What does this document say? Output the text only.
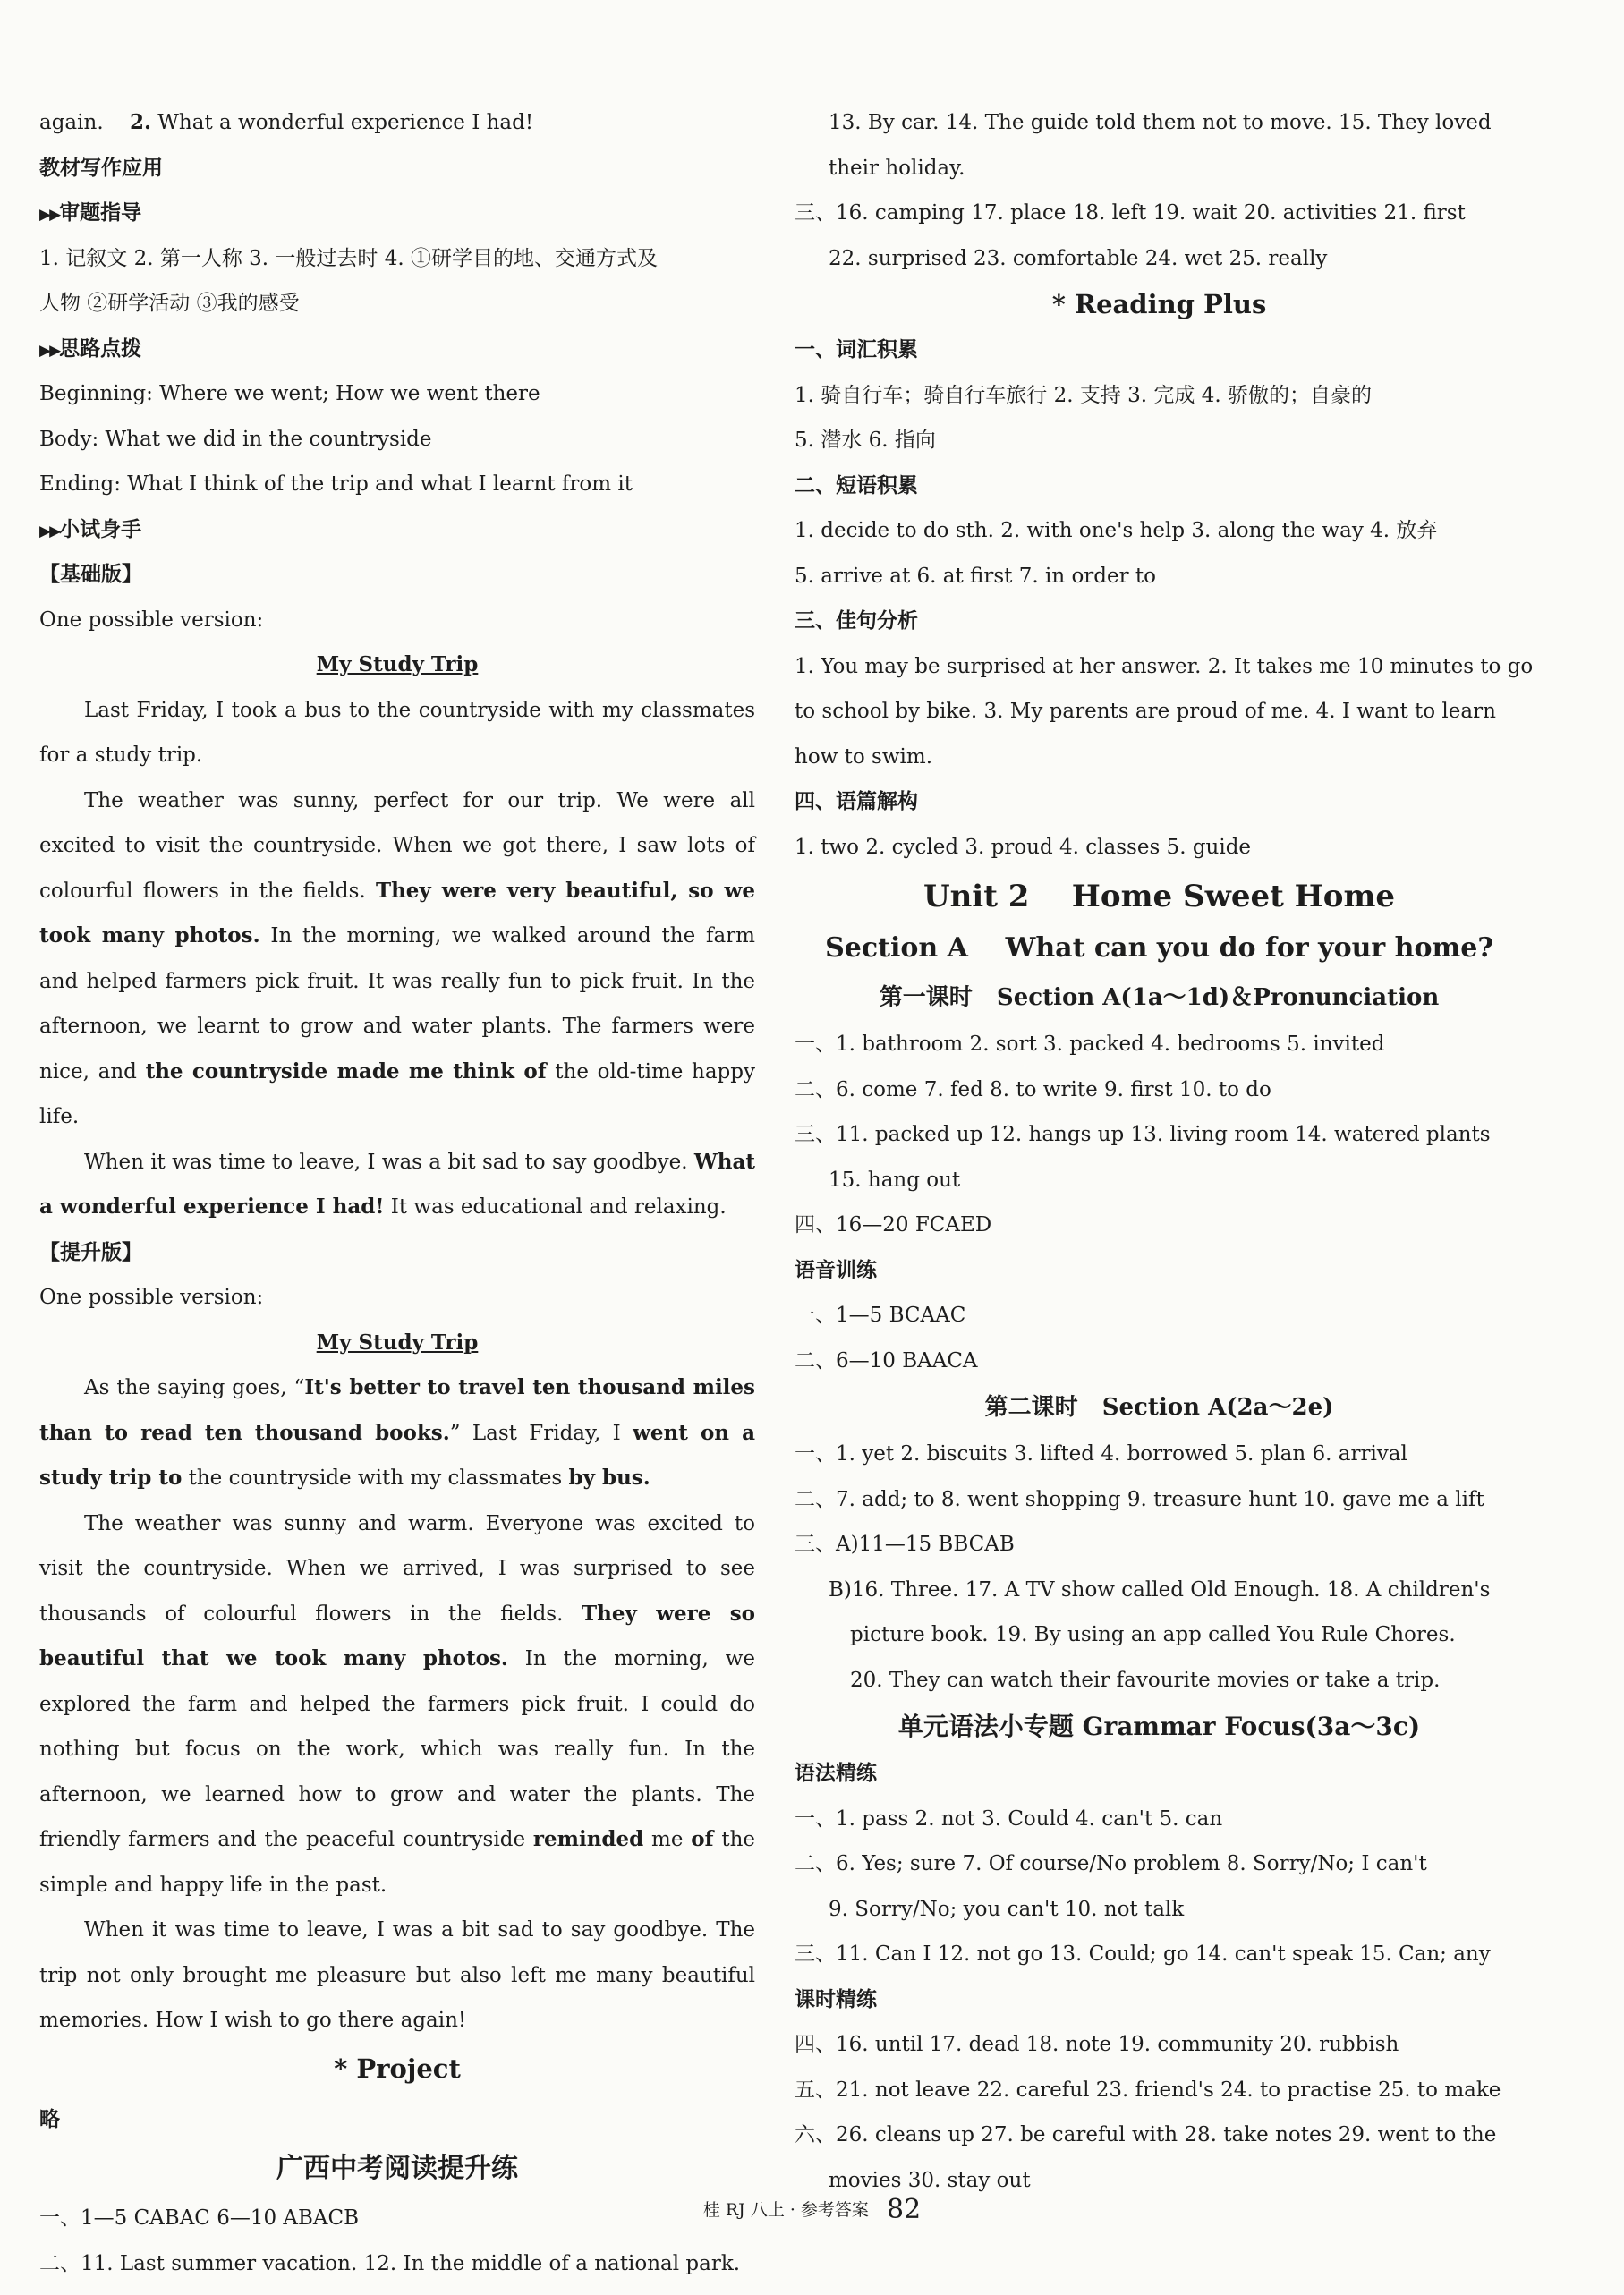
again. 2. What a wonderful experience I had!
教材写作应用
▶▶审题指导
1. 记叙文 2. 第一人称 3. 一般过去时 4. ①研学目的地、交通方式及
人物 ②研学活动 ③我的感受
▶▶思路点拨
Beginning: Where we went; How we went there
Body: What we did in the countryside
Ending: What I think of the trip and what I learnt from it
▶▶小试身手
【基础版】
One possible version:
My Study Trip
Last Friday, I took a bus to the countryside with my classmates for a study trip.
The weather was sunny, perfect for our trip. We were all excited to visit the countryside. When we got there, I saw lots of colourful flowers in the fields. They were very beautiful, so we took many photos. In the morning, we walked around the farm and helped farmers pick fruit. It was really fun to pick fruit. In the afternoon, we learnt to grow and water plants. The farmers were nice, and the countryside made me think of the old-time happy life.
When it was time to leave, I was a bit sad to say goodbye. What a wonderful experience I had! It was educational and relaxing.
【提升版】
One possible version:
My Study Trip
As the saying goes, “It's better to travel ten thousand miles than to read ten thousand books.” Last Friday, I went on a study trip to the countryside with my classmates by bus.
The weather was sunny and warm. Everyone was excited to visit the countryside. When we arrived, I was surprised to see thousands of colourful flowers in the fields. They were so beautiful that we took many photos. In the morning, we explored the farm and helped the farmers pick fruit. I could do nothing but focus on the work, which was really fun. In the afternoon, we learned how to grow and water the plants. The friendly farmers and the peaceful countryside reminded me of the simple and happy life in the past.
When it was time to leave, I was a bit sad to say goodbye. The trip not only brought me pleasure but also left me many beautiful memories. How I wish to go there again!
* Project
略
广西中考阅读提升练
一、1—5 CABAC 6—10 ABACB
二、11. Last summer vacation. 12. In the middle of a national park.
13. By car. 14. The guide told them not to move. 15. They loved
their holiday.
三、16. camping 17. place 18. left 19. wait 20. activities 21. first
22. surprised 23. comfortable 24. wet 25. really
* Reading Plus
一、词汇积累
1. 骑自行车；骑自行车旅行 2. 支持 3. 完成 4. 骄傲的；自豪的
5. 潜水 6. 指向
二、短语积累
1. decide to do sth. 2. with one's help 3. along the way 4. 放弃
5. arrive at 6. at first 7. in order to
三、佳句分析
1. You may be surprised at her answer. 2. It takes me 10 minutes to go
to school by bike. 3. My parents are proud of me. 4. I want to learn
how to swim.
四、语篇解构
1. two 2. cycled 3. proud 4. classes 5. guide
Unit 2    Home Sweet Home
Section A    What can you do for your home?
第一课时   Section A(1a～1d)＆Pronunciation
一、1. bathroom 2. sort 3. packed 4. bedrooms 5. invited
二、6. come 7. fed 8. to write 9. first 10. to do
三、11. packed up 12. hangs up 13. living room 14. watered plants
15. hang out
四、16—20 FCAED
语音训练
一、1—5 BCAAC
二、6—10 BAACA
第二课时   Section A(2a～2e)
一、1. yet 2. biscuits 3. lifted 4. borrowed 5. plan 6. arrival
二、7. add; to 8. went shopping 9. treasure hunt 10. gave me a lift
三、A)11—15 BBCAB
B)16. Three. 17. A TV show called Old Enough. 18. A children's
picture book. 19. By using an app called You Rule Chores.
20. They can watch their favourite movies or take a trip.
单元语法小专题 Grammar Focus(3a～3c)
语法精练
一、1. pass 2. not 3. Could 4. can't 5. can
二、6. Yes; sure 7. Of course/No problem 8. Sorry/No; I can't
9. Sorry/No; you can't 10. not talk
三、11. Can I 12. not go 13. Could; go 14. can't speak 15. Can; any
课时精练
四、16. until 17. dead 18. note 19. community 20. rubbish
五、21. not leave 22. careful 23. friend's 24. to practise 25. to make
六、26. cleans up 27. be careful with 28. take notes 29. went to the
movies 30. stay out
桂 RJ 八上 · 参考答案 82
